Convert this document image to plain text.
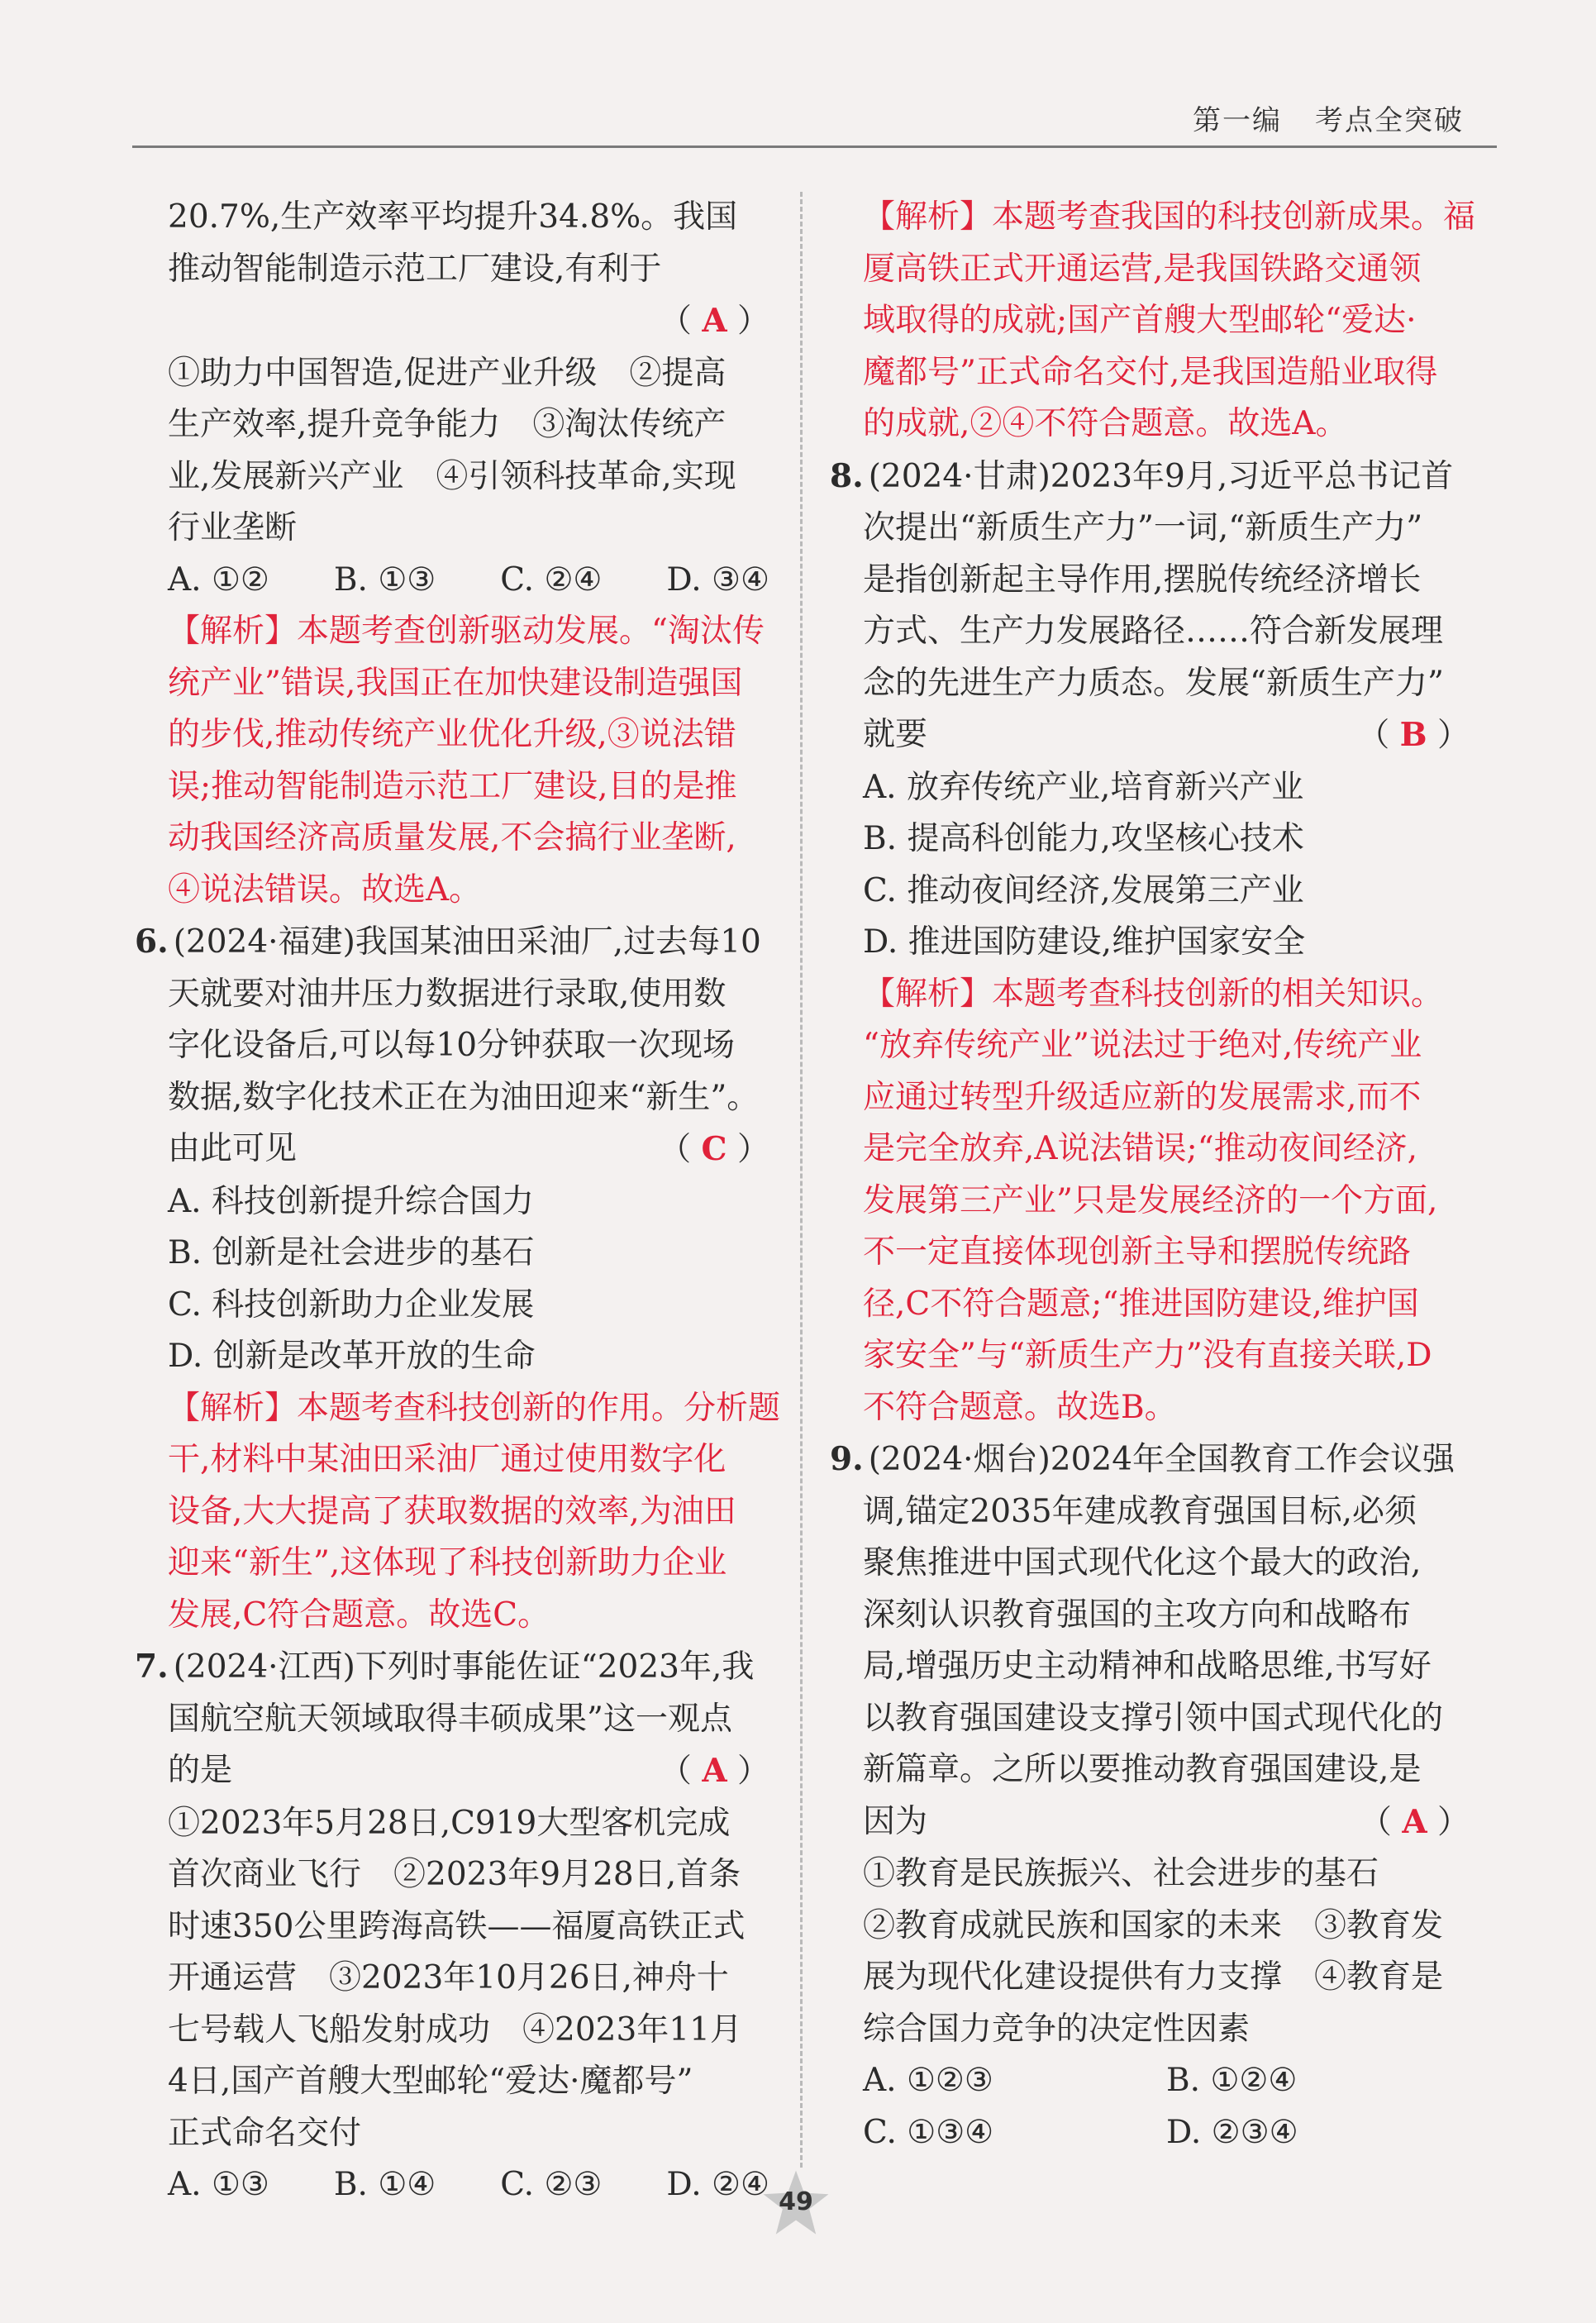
第一编 考点全突破
20.7%,生产效率平均提升34.8%。我国
推动智能制造示范工厂建设,有利于
（ A ）
①助力中国智造,促进产业升级　②提高
生产效率,提升竞争能力　③淘汰传统产
业,发展新兴产业　④引领科技革命,实现
行业垄断
A. ①② B. ①③ C. ②④ D. ③④
【解析】本题考查创新驱动发展。“淘汰传
统产业”错误,我国正在加快建设制造强国
的步伐,推动传统产业优化升级,③说法错
误;推动智能制造示范工厂建设,目的是推
动我国经济高质量发展,不会搞行业垄断,
④说法错误。故选A。
6. (2024·福建)我国某油田采油厂,过去每10
天就要对油井压力数据进行录取,使用数
字化设备后,可以每10分钟获取一次现场
数据,数字化技术正在为油田迎来“新生”。
由此可见	（ C ）
A. 科技创新提升综合国力
B. 创新是社会进步的基石
C. 科技创新助力企业发展
D. 创新是改革开放的生命
【解析】本题考查科技创新的作用。分析题
干,材料中某油田采油厂通过使用数字化
设备,大大提高了获取数据的效率,为油田
迎来“新生”,这体现了科技创新助力企业
发展,C符合题意。故选C。
7. (2024·江西)下列时事能佐证“2023年,我
国航空航天领域取得丰硕成果”这一观点
的是	（ A ）
①2023年5月28日,C919大型客机完成
首次商业飞行　②2023年9月28日,首条
时速350公里跨海高铁——福厦高铁正式
开通运营　③2023年10月26日,神舟十
七号载人飞船发射成功　④2023年11月
4日,国产首艘大型邮轮“爱达·魔都号”
正式命名交付
A. ①③ B. ①④ C. ②③ D. ②④
【解析】本题考查我国的科技创新成果。福
厦高铁正式开通运营,是我国铁路交通领
域取得的成就;国产首艘大型邮轮“爱达·
魔都号”正式命名交付,是我国造船业取得
的成就,②④不符合题意。故选A。
8. (2024·甘肃)2023年9月,习近平总书记首
次提出“新质生产力”一词,“新质生产力”
是指创新起主导作用,摆脱传统经济增长
方式、生产力发展路径……符合新发展理
念的先进生产力质态。发展“新质生产力”
就要	（ B ）
A. 放弃传统产业,培育新兴产业
B. 提高科创能力,攻坚核心技术
C. 推动夜间经济,发展第三产业
D. 推进国防建设,维护国家安全
【解析】本题考查科技创新的相关知识。
“放弃传统产业”说法过于绝对,传统产业
应通过转型升级适应新的发展需求,而不
是完全放弃,A说法错误;“推动夜间经济,
发展第三产业”只是发展经济的一个方面,
不一定直接体现创新主导和摆脱传统路
径,C不符合题意;“推进国防建设,维护国
家安全”与“新质生产力”没有直接关联,D
不符合题意。故选B。
9. (2024·烟台)2024年全国教育工作会议强
调,锚定2035年建成教育强国目标,必须
聚焦推进中国式现代化这个最大的政治,
深刻认识教育强国的主攻方向和战略布
局,增强历史主动精神和战略思维,书写好
以教育强国建设支撑引领中国式现代化的
新篇章。之所以要推动教育强国建设,是
因为	（ A ）
①教育是民族振兴、社会进步的基石
②教育成就民族和国家的未来　③教育发
展为现代化建设提供有力支撑　④教育是
综合国力竞争的决定性因素
A. ①②③	B. ①②④
C. ①③④	D. ②③④
49
